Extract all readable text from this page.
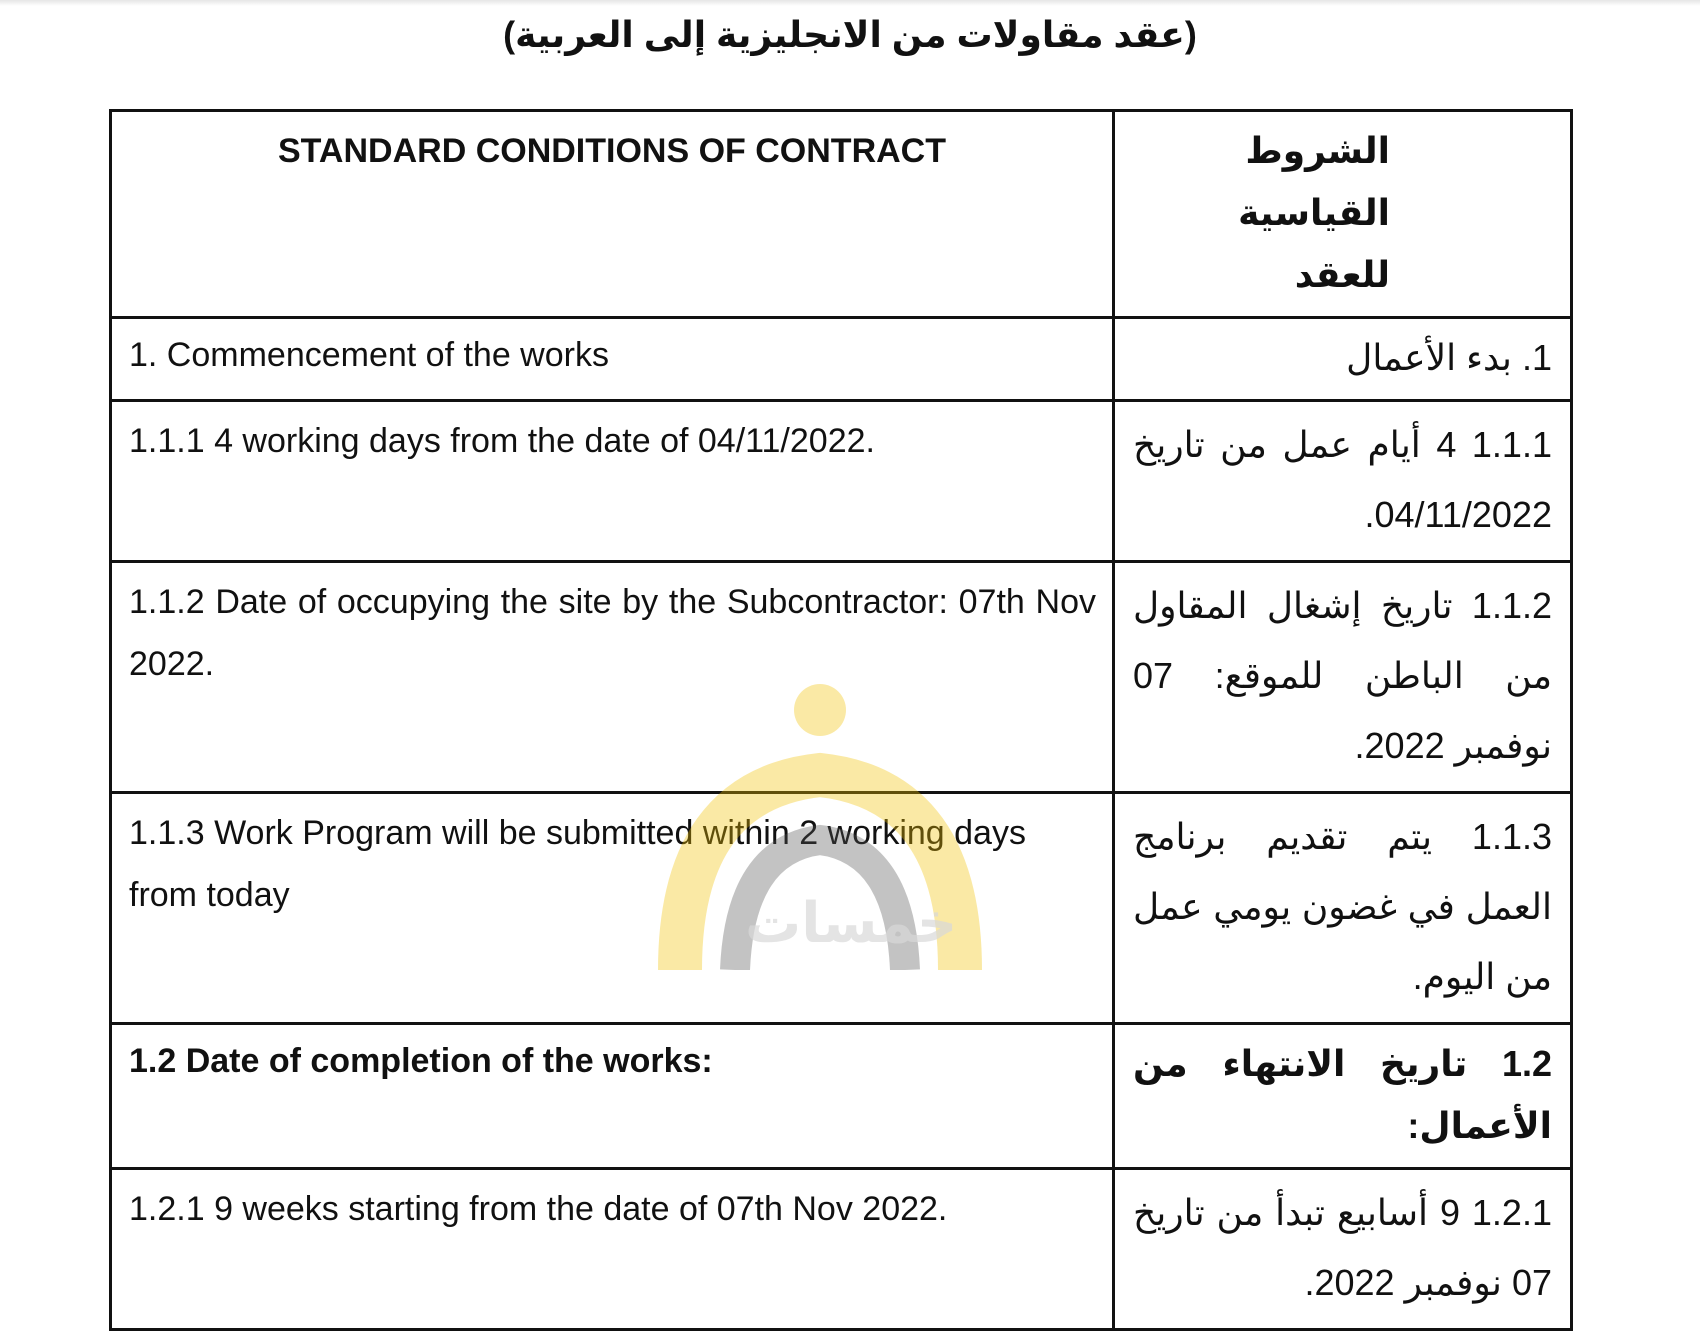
(عقد مقاولات من الانجليزية إلى العربية)
STANDARD CONDITIONS OF CONTRACT	الشروط القياسية للعقد
1. Commencement of the works	1. بدء الأعمال
1.1.1 4 working days from the date of 04/11/2022.	1.1.1 4 أيام عمل من تاريخ 04/11/2022.
1.1.2 Date of occupying the site by the Subcontractor: 07th Nov 2022.	1.1.2 تاريخ إشغال المقاول من الباطن للموقع: 07 نوفمبر 2022.
1.1.3 Work Program will be submitted within 2 working days from today	1.1.3 يتم تقديم برنامج العمل في غضون يومي عمل من اليوم.
1.2 Date of completion of the works:	1.2 تاريخ الانتهاء من الأعمال:
1.2.1 9 weeks starting from the date of 07th Nov 2022.	1.2.1 9 أسابيع تبدأ من تاريخ 07 نوفمبر 2022.
خمسات
